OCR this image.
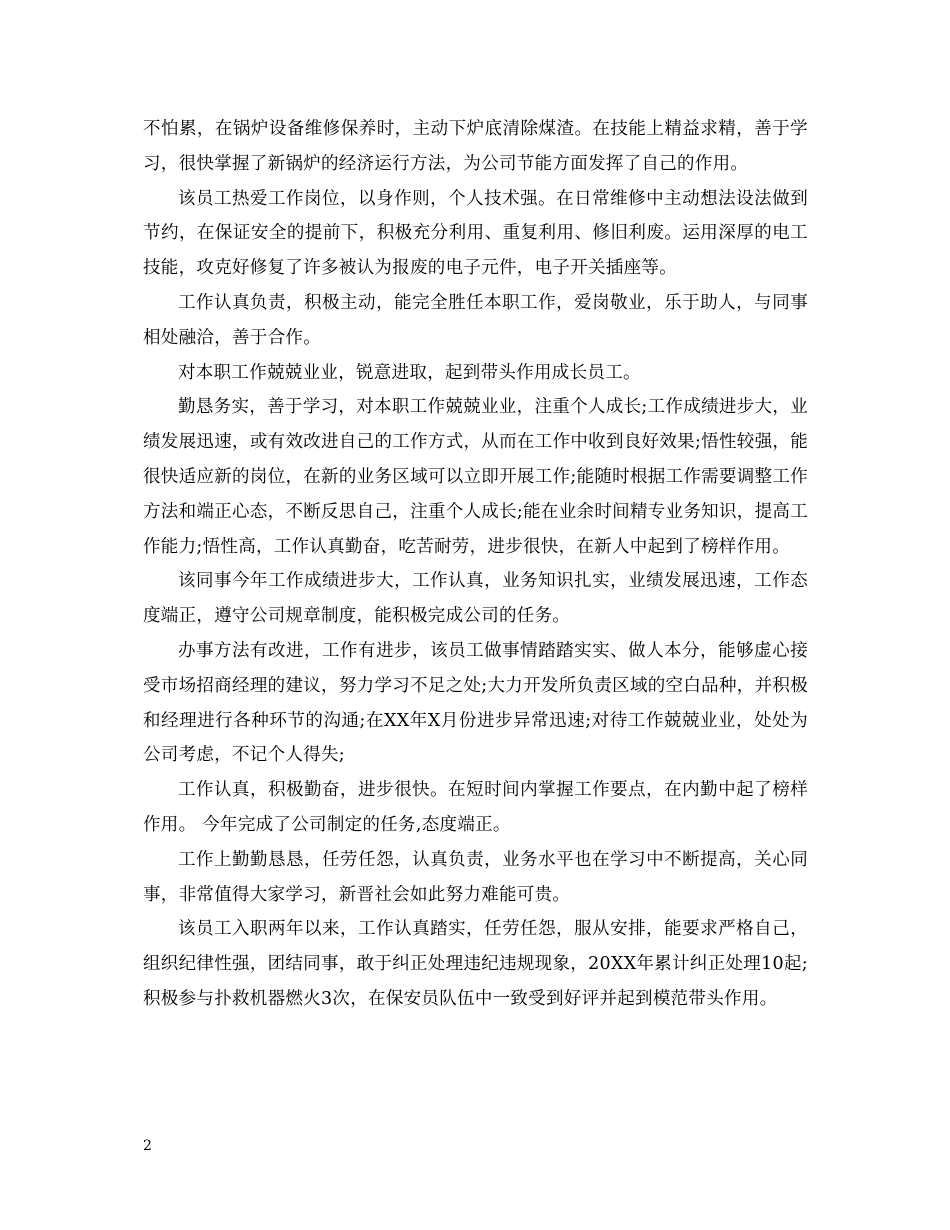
不怕累，在锅炉设备维修保养时，主动下炉底清除煤渣。在技能上精益求精，善于学习，很快掌握了新锅炉的经济运行方法，为公司节能方面发挥了自己的作用。

该员工热爱工作岗位，以身作则，个人技术强。在日常维修中主动想法设法做到节约，在保证安全的提前下，积极充分利用、重复利用、修旧利废。运用深厚的电工技能，攻克好修复了许多被认为报废的电子元件，电子开关插座等。

工作认真负责，积极主动，能完全胜任本职工作，爱岗敬业，乐于助人，与同事相处融洽，善于合作。

对本职工作兢兢业业，锐意进取，起到带头作用成长员工。

勤恳务实，善于学习，对本职工作兢兢业业，注重个人成长;工作成绩进步大，业绩发展迅速，或有效改进自己的工作方式，从而在工作中收到良好效果;悟性较强，能很快适应新的岗位，在新的业务区域可以立即开展工作;能随时根据工作需要调整工作方法和端正心态，不断反思自己，注重个人成长;能在业余时间精专业务知识，提高工作能力;悟性高，工作认真勤奋，吃苦耐劳，进步很快，在新人中起到了榜样作用。

该同事今年工作成绩进步大，工作认真，业务知识扎实，业绩发展迅速，工作态度端正，遵守公司规章制度，能积极完成公司的任务。

办事方法有改进，工作有进步，该员工做事情踏踏实实、做人本分，能够虚心接受市场招商经理的建议，努力学习不足之处;大力开发所负责区域的空白品种，并积极和经理进行各种环节的沟通;在XX年X月份进步异常迅速;对待工作兢兢业业，处处为公司考虑，不记个人得失;

工作认真，积极勤奋，进步很快。在短时间内掌握工作要点，在内勤中起了榜样作用。 今年完成了公司制定的任务,态度端正。

工作上勤勤恳恳，任劳任怨，认真负责，业务水平也在学习中不断提高，关心同事，非常值得大家学习，新晋社会如此努力难能可贵。

该员工入职两年以来，工作认真踏实，任劳任怨，服从安排，能要求严格自己，组织纪律性强，团结同事，敢于纠正处理违纪违规现象，20XX年累计纠正处理10起;积极参与扑救机器燃火3次，在保安员队伍中一致受到好评并起到模范带头作用。

2
